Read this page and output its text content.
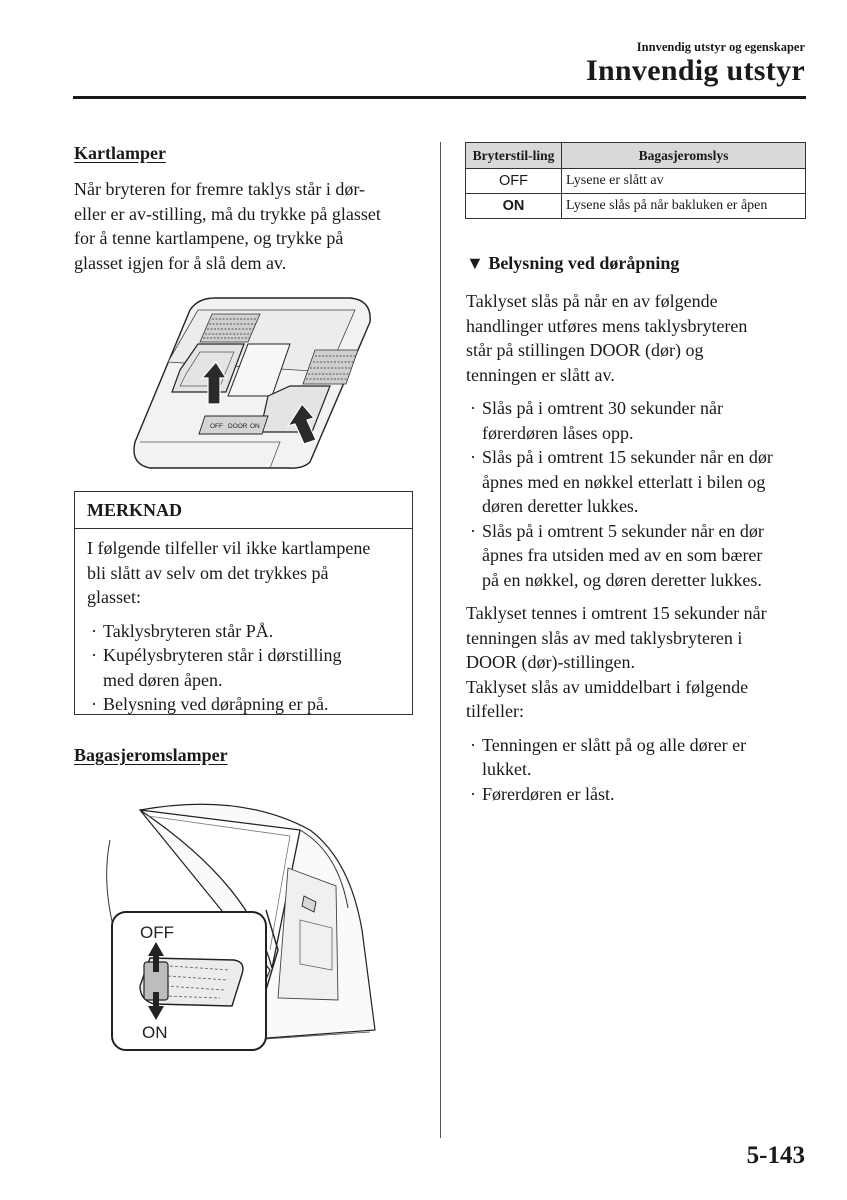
Innvendig utstyr og egenskaper
Innvendig utstyr
Kartlamper

Når bryteren for fremre taklys står i dør-

eller er av-stilling, må du trykke på glasset

for å tenne kartlampene, og trykke på

glasset igjen for å slå dem av.

OFF DOOR ON
MERKNAD

I følgende tilfeller vil ikke kartlampene

bli slått av selv om det trykkes på

glasset:

· Taklysbryteren står PÅ.
· Kupélysbryteren står i dørstilling
med døren åpen.
· Belysning ved døråpning er på.
Bagasjeromslamper
OFF
ON
Bryterstil-ling	Bagasjeromslys
OFF	Lysene er slått av
ON	Lysene slås på når bakluken er åpen
▼ Belysning ved døråpning

Taklyset slås på når en av følgende

handlinger utføres mens taklysbryteren

står på stillingen DOOR (dør) og

tenningen er slått av.

· Slås på i omtrent 30 sekunder når
førerdøren låses opp.
· Slås på i omtrent 15 sekunder når en dør
åpnes med en nøkkel etterlatt i bilen og
døren deretter lukkes.
· Slås på i omtrent 5 sekunder når en dør
åpnes fra utsiden med av en som bærer
på en nøkkel, og døren deretter lukkes.

Taklyset tennes i omtrent 15 sekunder når

tenningen slås av med taklysbryteren i

DOOR (dør)-stillingen.

Taklyset slås av umiddelbart i følgende

tilfeller:

· Tenningen er slått på og alle dører er
lukket.
· Førerdøren er låst.
5-143
